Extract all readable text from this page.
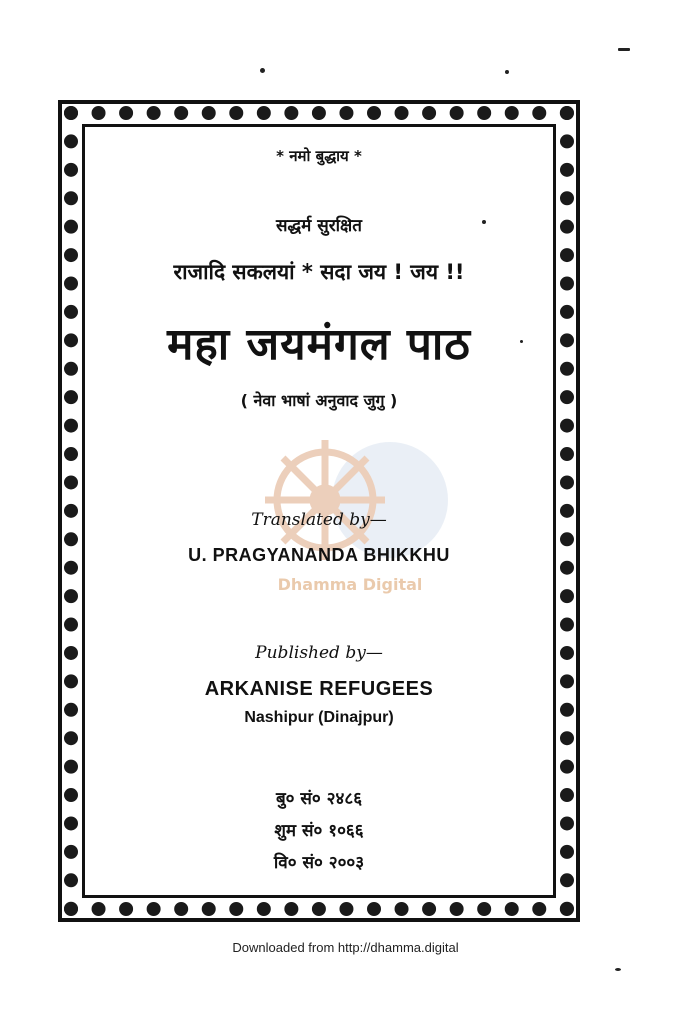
Dhamma Digital
* नमो बुद्धाय *
सद्धर्म सुरक्षित
राजादि सकलयां * सदा जय ! जय !!
महा जयमंगल पाठ
( नेवा भाषां अनुवाद जुगु )
Translated by—
U. PRAGYANANDA BHIKKHU
Published by—
ARKANISE REFUGEES
Nashipur (Dinajpur)
बु० सं० २४८६
शुम सं० १०६६
वि० सं० २००३
Downloaded from http://dhamma.digital
